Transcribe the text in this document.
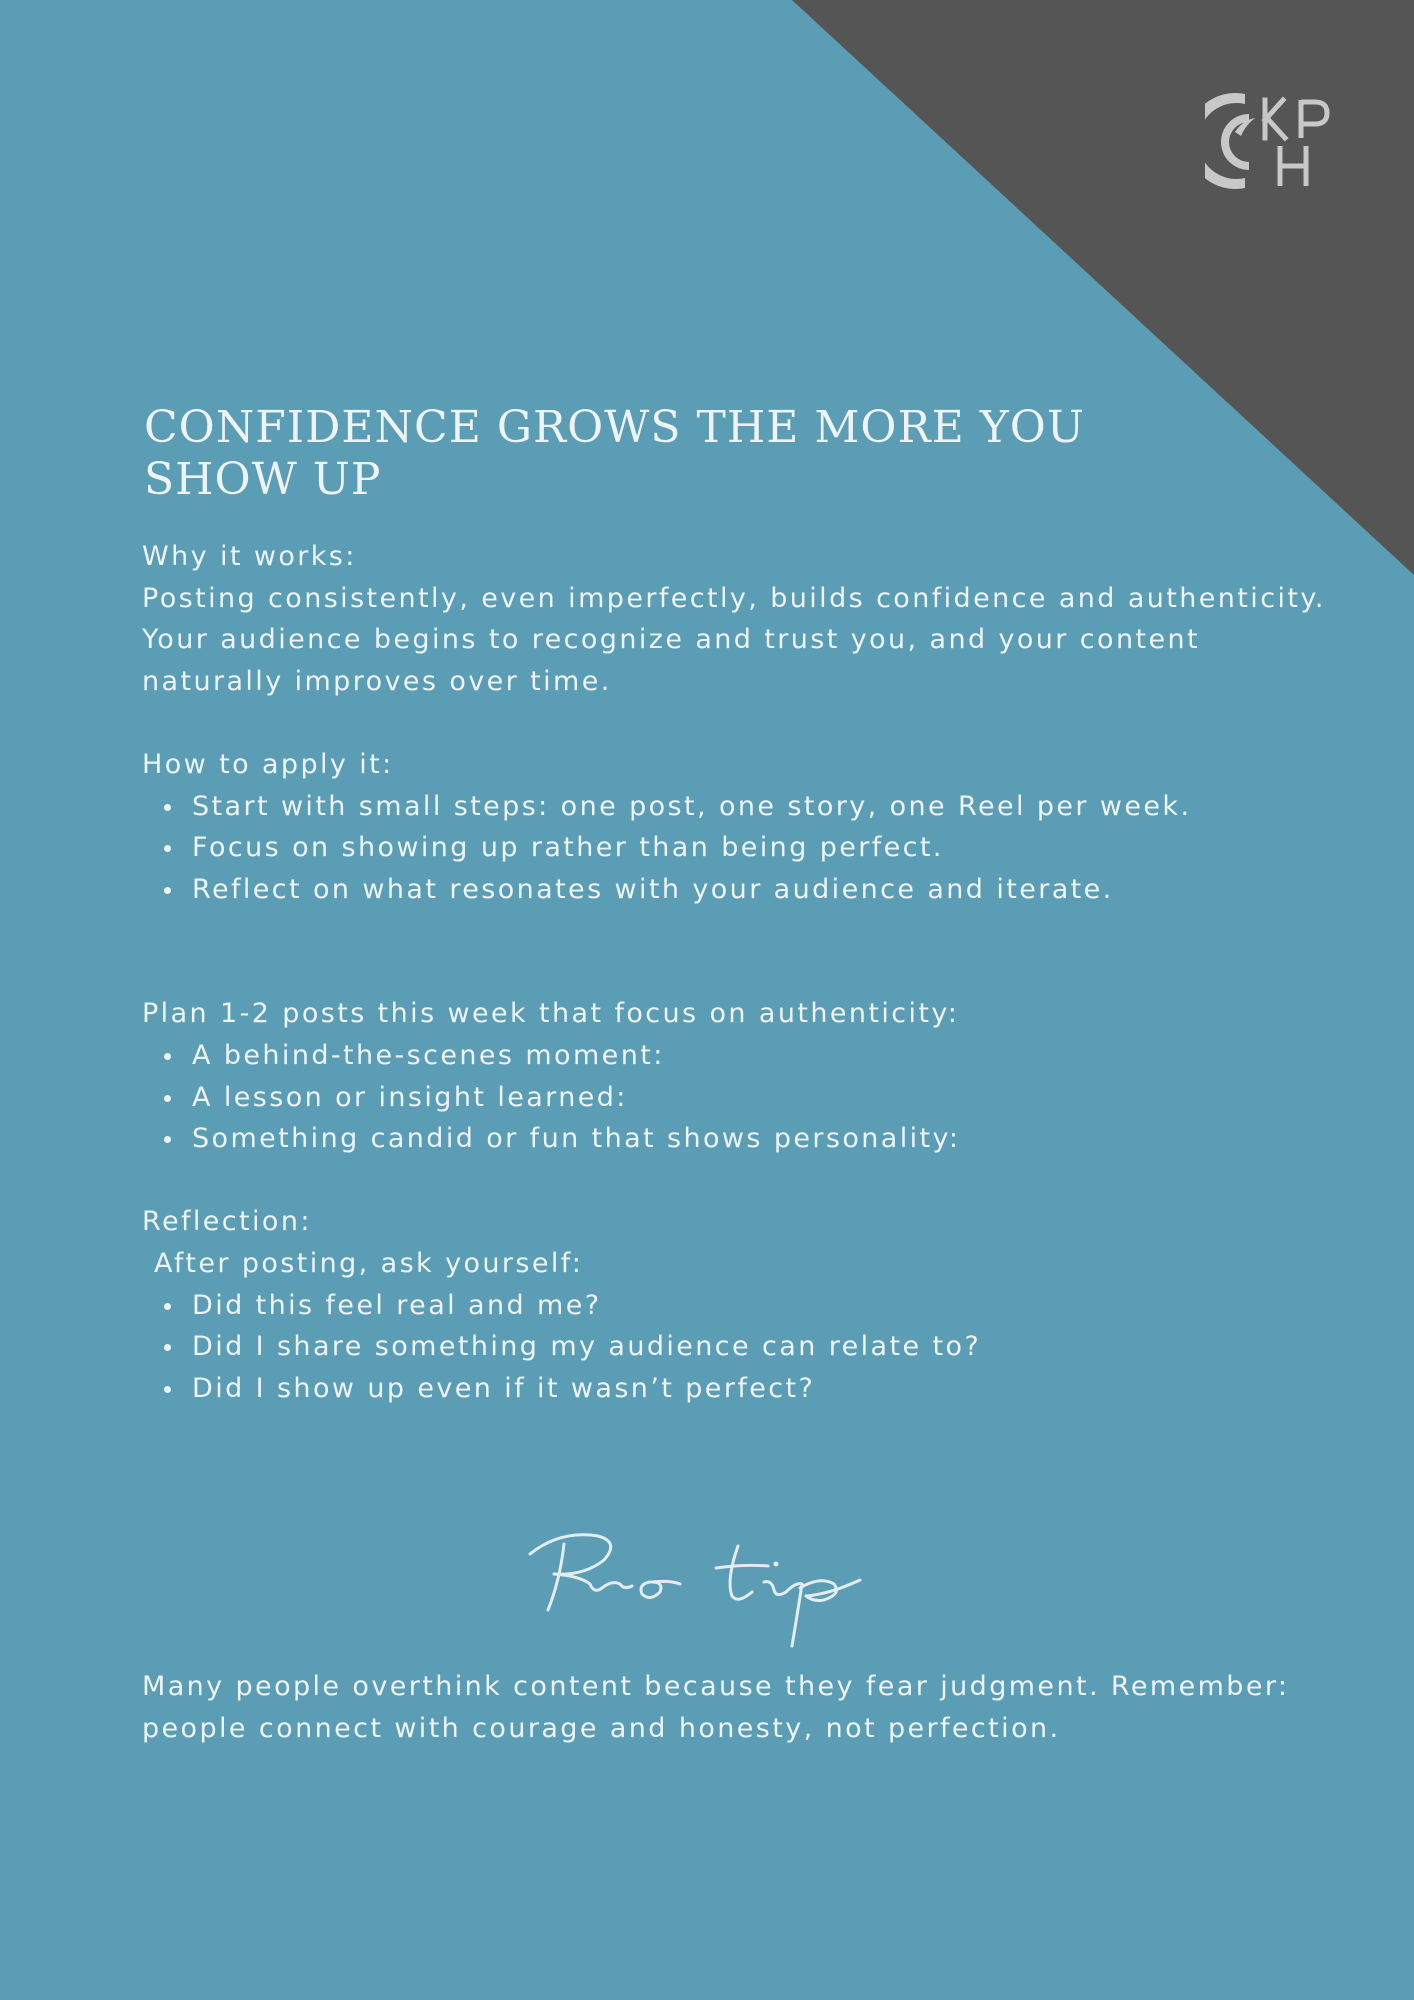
CONFIDENCE GROWS THE MORE YOU SHOW UP

Why it works:

Posting consistently, even imperfectly, builds confidence and authenticity. Your audience begins to recognize and trust you, and your content naturally improves over time.

How to apply it:

Start with small steps: one post, one story, one Reel per week.
Focus on showing up rather than being perfect.
Reflect on what resonates with your audience and iterate.

Plan 1-2 posts this week that focus on authenticity:

A behind-the-scenes moment:
A lesson or insight learned:
Something candid or fun that shows personality:

Reflection:

After posting, ask yourself:

Did this feel real and me?
Did I share something my audience can relate to?
Did I show up even if it wasn’t perfect?

Many people overthink content because they fear judgment. Remember: people connect with courage and honesty, not perfection.
